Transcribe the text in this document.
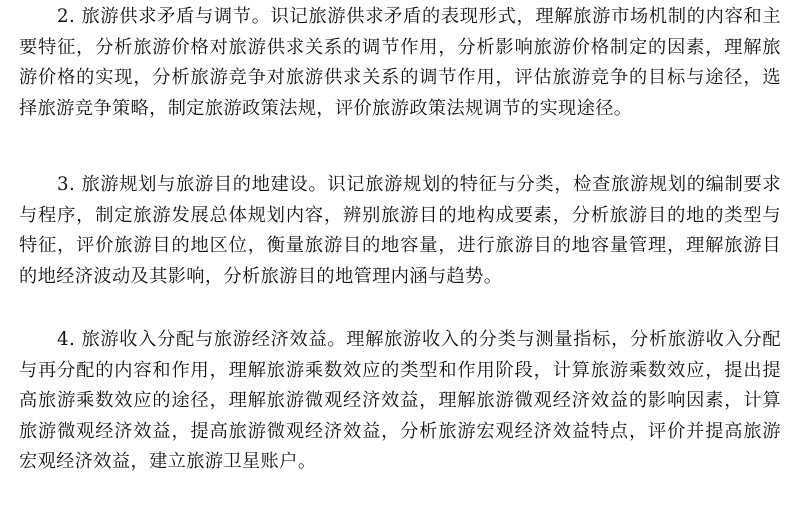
2. 旅游供求矛盾与调节。识记旅游供求矛盾的表现形式，理解旅游市场机制的内容和主要特征，分析旅游价格对旅游供求关系的调节作用，分析影响旅游价格制定的因素，理解旅游价格的实现，分析旅游竞争对旅游供求关系的调节作用，评估旅游竞争的目标与途径，选择旅游竞争策略，制定旅游政策法规，评价旅游政策法规调节的实现途径。

3. 旅游规划与旅游目的地建设。识记旅游规划的特征与分类，检查旅游规划的编制要求与程序，制定旅游发展总体规划内容，辨别旅游目的地构成要素，分析旅游目的地的类型与特征，评价旅游目的地区位，衡量旅游目的地容量，进行旅游目的地容量管理，理解旅游目的地经济波动及其影响，分析旅游目的地管理内涵与趋势。

4. 旅游收入分配与旅游经济效益。理解旅游收入的分类与测量指标，分析旅游收入分配与再分配的内容和作用，理解旅游乘数效应的类型和作用阶段，计算旅游乘数效应，提出提高旅游乘数效应的途径，理解旅游微观经济效益，理解旅游微观经济效益的影响因素，计算旅游微观经济效益，提高旅游微观经济效益，分析旅游宏观经济效益特点，评价并提高旅游宏观经济效益，建立旅游卫星账户。
